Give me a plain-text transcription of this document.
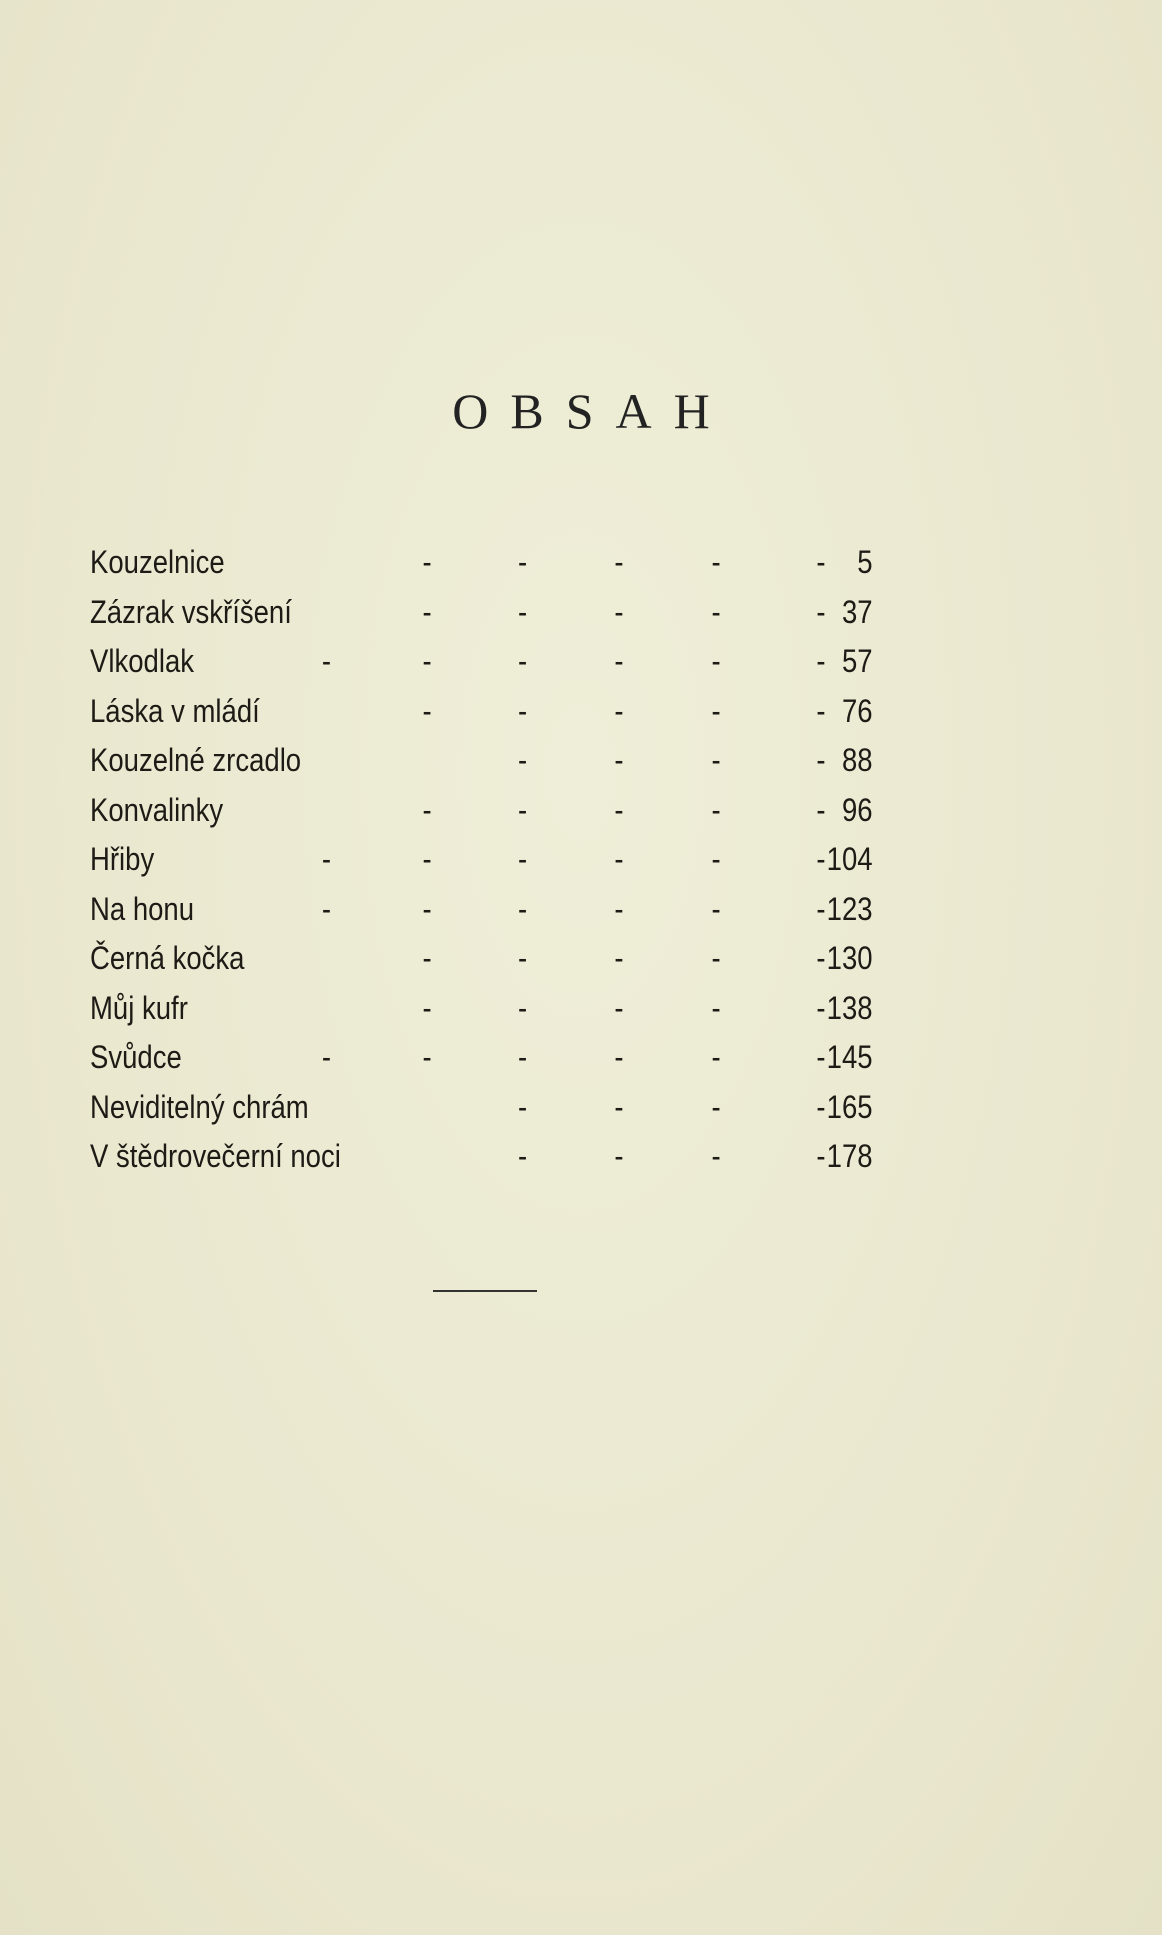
OBSAH
Kouzelnice	-	-	-	-	- 5
Zázrak vskříšení	-	-	-	-	- 37
Vlkodlak	-	-	-	-	-	- 57
Láska v mládí	-	-	-	-	- 76
Kouzelné zrcadlo	-	-	-	- 88
Konvalinky	-	-	-	-	- 96
Hřiby	-	-	-	-	-	- 104
Na honu	-	-	-	-	-	- 123
Černá kočka	-	-	-	-	- 130
Můj kufr	-	-	-	-	- 138
Svůdce	-	-	-	-	-	- 145
Neviditelný chrám	-	-	-	- 165
V štědrovečerní noci	-	-	-	- 178
